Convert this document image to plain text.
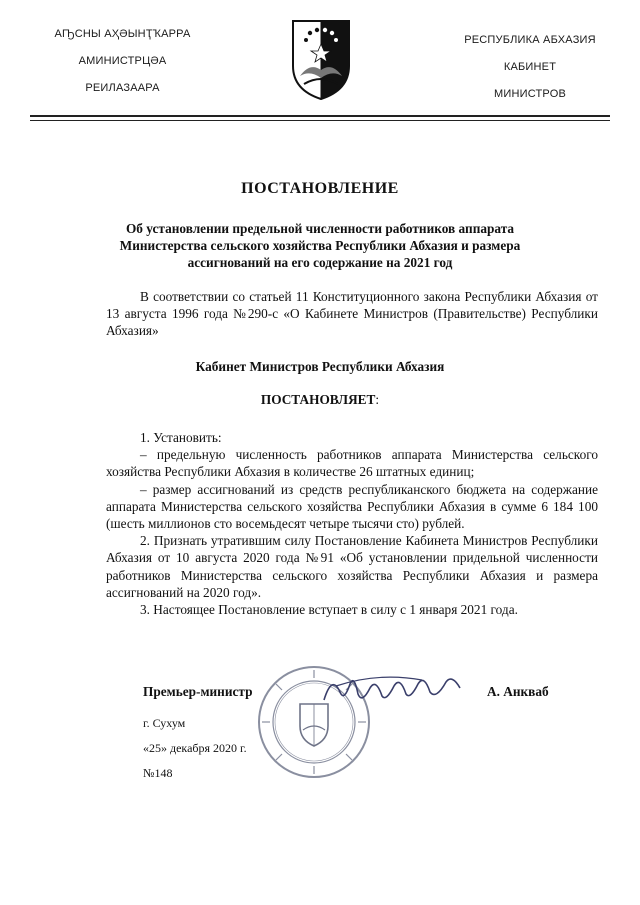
АҦСНЫ АҲӘЫНҬҠАРРА
АМИНИСТРЦӘА
РЕИЛАЗААРА
РЕСПУБЛИКА АБХАЗИЯ
КАБИНЕТ
МИНИСТРОВ
ПОСТАНОВЛЕНИЕ
Об установлении предельной численности работников аппарата
Министерства сельского хозяйства Республики Абхазия и размера
ассигнований на его содержание на 2021 год

В соответствии со статьей 11 Конституционного закона Республики Абхазия от 13 августа 1996 года №290-с «О Кабинете Министров (Правительстве) Республики Абхазия»

Кабинет Министров Республики Абхазия
ПОСТАНОВЛЯЕТ:

1. Установить:

– предельную численность работников аппарата Министерства сельского хозяйства Республики Абхазия в количестве 26 штатных единиц;

– размер ассигнований из средств республиканского бюджета на содержание аппарата Министерства сельского хозяйства Республики Абхазия в сумме 6 184 100 (шесть миллионов сто восемьдесят четыре тысячи сто) рублей.

2. Признать утратившим силу Постановление Кабинета Министров Республики Абхазия от 10 августа 2020 года №91 «Об установлении придельной численности работников Министерства сельского хозяйства Республики Абхазия и размера ассигнований на 2020 год».

3. Настоящее Постановление вступает в силу с 1 января 2021 года.

Премьер-министр	А. Анкваб
г. Сухум
«25» декабря 2020 г.
№148
